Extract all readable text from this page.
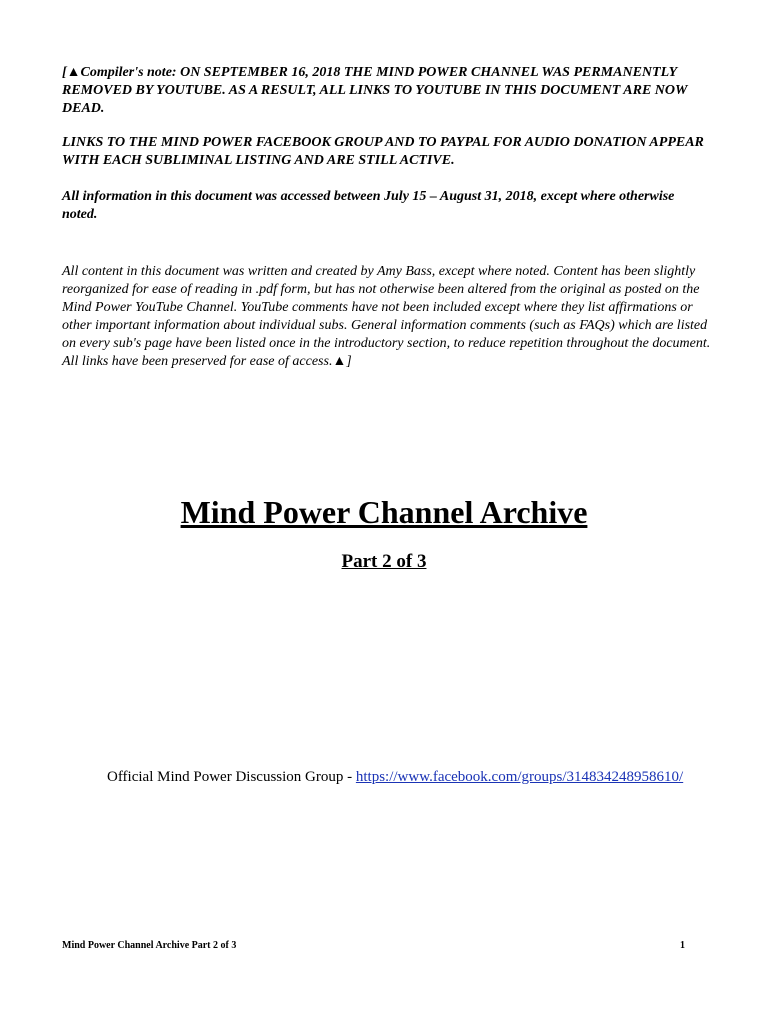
[▲Compiler's note: ON SEPTEMBER 16, 2018 THE MIND POWER CHANNEL WAS PERMANENTLY REMOVED BY YOUTUBE. AS A RESULT, ALL LINKS TO YOUTUBE IN THIS DOCUMENT ARE NOW DEAD.
LINKS TO THE MIND POWER FACEBOOK GROUP AND TO PAYPAL FOR AUDIO DONATION APPEAR WITH EACH SUBLIMINAL LISTING AND ARE STILL ACTIVE.
All information in this document was accessed between July 15 – August 31, 2018, except where otherwise noted.
All content in this document was written and created by Amy Bass, except where noted. Content has been slightly reorganized for ease of reading in .pdf form, but has not otherwise been altered from the original as posted on the Mind Power YouTube Channel. YouTube comments have not been included except where they list affirmations or other important information about individual subs. General information comments (such as FAQs) which are listed on every sub's page have been listed once in the introductory section, to reduce repetition throughout the document. All links have been preserved for ease of access.▲]
Mind Power Channel Archive
Part 2 of 3
Official Mind Power Discussion Group - https://www.facebook.com/groups/314834248958610/
Mind Power Channel Archive Part 2 of 3	1
